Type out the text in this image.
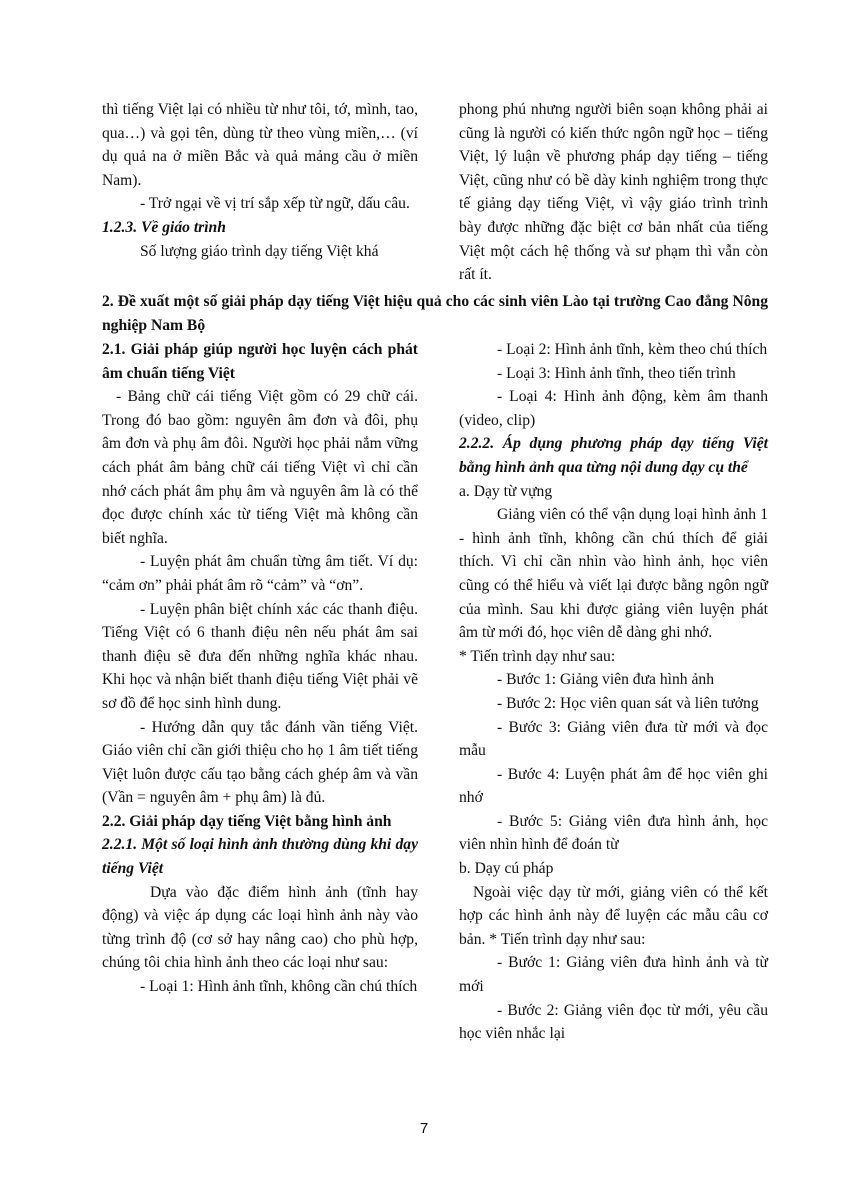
thì tiếng Việt lại có nhiều từ như tôi, tớ, mình, tao, qua…) và gọi tên, dùng từ theo vùng miền,… (ví dụ quả na ở miền Bắc và quả mảng cầu ở miền Nam).

- Trở ngại về vị trí sắp xếp từ ngữ, dấu câu.

1.2.3. Về giáo trình

Số lượng giáo trình dạy tiếng Việt khá

phong phú nhưng người biên soạn không phải ai cũng là người có kiến thức ngôn ngữ học – tiếng Việt, lý luận về phương pháp dạy tiếng – tiếng Việt, cũng như có bề dày kinh nghiệm trong thực tế giảng dạy tiếng Việt, vì vậy giáo trình trình bày được những đặc biệt cơ bản nhất của tiếng Việt một cách hệ thống và sư phạm thì vẫn còn rất ít.

2. Đề xuất một số giải pháp dạy tiếng Việt hiệu quả cho các sinh viên Lào tại trường Cao đẳng Nông nghiệp Nam Bộ

2.1. Giải pháp giúp người học luyện cách phát âm chuẩn tiếng Việt

- Bảng chữ cái tiếng Việt gồm có 29 chữ cái. Trong đó bao gồm: nguyên âm đơn và đôi, phụ âm đơn và phụ âm đôi. Người học phải nắm vững cách phát âm bảng chữ cái tiếng Việt vì chỉ cần nhớ cách phát âm phụ âm và nguyên âm là có thể đọc được chính xác từ tiếng Việt mà không cần biết nghĩa.

- Luyện phát âm chuẩn từng âm tiết. Ví dụ: “cảm ơn” phải phát âm rõ “cảm” và “ơn”.

- Luyện phân biệt chính xác các thanh điệu. Tiếng Việt có 6 thanh điệu nên nếu phát âm sai thanh điệu sẽ đưa đến những nghĩa khác nhau. Khi học và nhận biết thanh điệu tiếng Việt phải vẽ sơ đồ để học sinh hình dung.

- Hướng dẫn quy tắc đánh vần tiếng Việt. Giáo viên chỉ cần giới thiệu cho họ 1 âm tiết tiếng Việt luôn được cấu tạo bằng cách ghép âm và vần (Vần = nguyên âm + phụ âm) là đủ.

2.2. Giải pháp dạy tiếng Việt bằng hình ảnh

2.2.1. Một số loại hình ảnh thường dùng khi dạy tiếng Việt

Dựa vào đặc điểm hình ảnh (tĩnh hay động) và việc áp dụng các loại hình ảnh này vào từng trình độ (cơ sở hay nâng cao) cho phù hợp, chúng tôi chia hình ảnh theo các loại như sau:

- Loại 1: Hình ảnh tĩnh, không cần chú thích

- Loại 2: Hình ảnh tĩnh, kèm theo chú thích

- Loại 3: Hình ảnh tĩnh, theo tiến trình

- Loại 4: Hình ảnh động, kèm âm thanh (video, clip)

2.2.2. Áp dụng phương pháp dạy tiếng Việt bằng hình ảnh qua từng nội dung dạy cụ thể

a. Dạy từ vựng

Giảng viên có thể vận dụng loại hình ảnh 1 - hình ảnh tĩnh, không cần chú thích để giải thích. Vì chỉ cần nhìn vào hình ảnh, học viên cũng có thể hiểu và viết lại được bằng ngôn ngữ của mình. Sau khi được giảng viên luyện phát âm từ mới đó, học viên dễ dàng ghi nhớ.

* Tiến trình dạy như sau:

- Bước 1: Giảng viên đưa hình ảnh

- Bước 2: Học viên quan sát và liên tưởng

- Bước 3: Giảng viên đưa từ mới và đọc mẫu

- Bước 4: Luyện phát âm để học viên ghi nhớ

- Bước 5: Giảng viên đưa hình ảnh, học viên nhìn hình để đoán từ

b. Dạy cú pháp

Ngoài việc dạy từ mới, giảng viên có thể kết hợp các hình ảnh này để luyện các mẫu câu cơ bản. * Tiến trình dạy như sau:

- Bước 1: Giảng viên đưa hình ảnh và từ mới

- Bước 2: Giảng viên đọc từ mới, yêu cầu học viên nhắc lại

7
